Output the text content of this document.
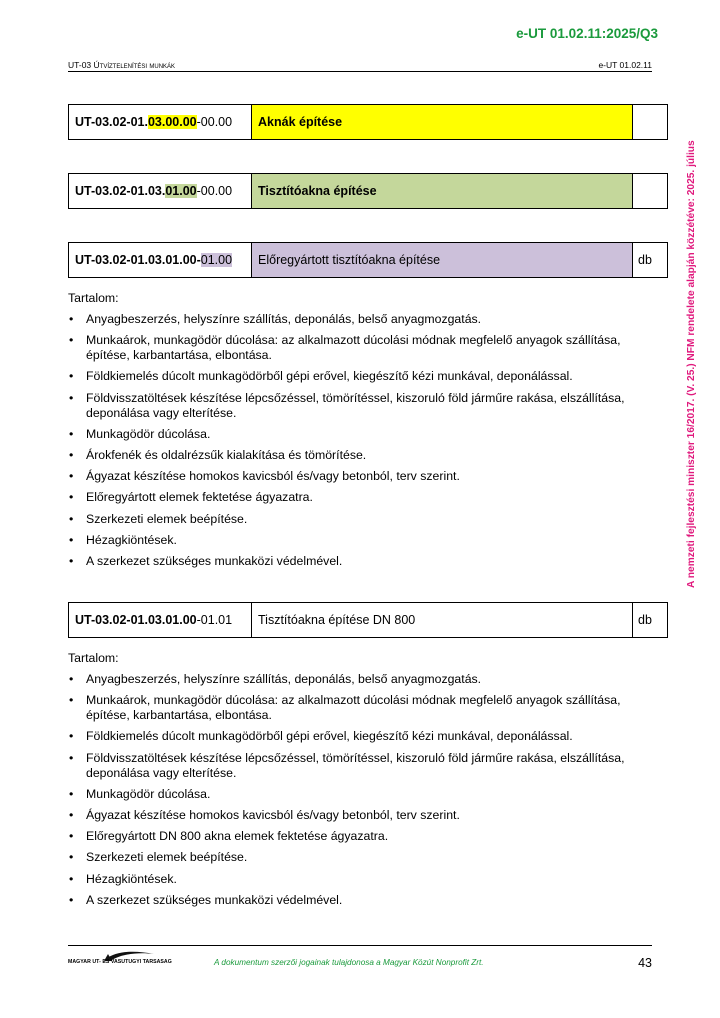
e-UT 01.02.11:2025/Q3
UT-03 Útvíztelenítési munkák	e-UT 01.02.11
A nemzeti fejlesztési miniszter 16/2017. (V. 25.) NFM rendelete alapján közzétéve: 2025. július
UT-03.02-01.03.00.00-00.00	Aknák építése	
UT-03.02-01.03.01.00-00.00	Tisztítóakna építése	
UT-03.02-01.03.01.00-01.00	Előregyártott tisztítóakna építése	db
Tartalom:
• Anyagbeszerzés, helyszínre szállítás, deponálás, belső anyagmozgatás.
• Munkaárok, munkagödör dúcolása: az alkalmazott dúcolási módnak megfelelő anyagok szállítása, építése, karbantartása, elbontása.
• Földkiemelés dúcolt munkagödörből gépi erővel, kiegészítő kézi munkával, deponálással.
• Földvisszatöltések készítése lépcsőzéssel, tömörítéssel, kiszoruló föld járműre rakása, elszállítása, deponálása vagy elterítése.
• Munkagödör dúcolása.
• Árokfenék és oldalrézsűk kialakítása és tömörítése.
• Ágyazat készítése homokos kavicsból és/vagy betonból, terv szerint.
• Előregyártott elemek fektetése ágyazatra.
• Szerkezeti elemek beépítése.
• Hézagkiöntések.
• A szerkezet szükséges munkaközi védelmével.
UT-03.02-01.03.01.00-01.01	Tisztítóakna építése DN 800	db
Tartalom:
• Anyagbeszerzés, helyszínre szállítás, deponálás, belső anyagmozgatás.
• Munkaárok, munkagödör dúcolása: az alkalmazott dúcolási módnak megfelelő anyagok szállítása, építése, karbantartása, elbontása.
• Földkiemelés dúcolt munkagödörből gépi erővel, kiegészítő kézi munkával, deponálással.
• Földvisszatöltések készítése lépcsőzéssel, tömörítéssel, kiszoruló föld járműre rakása, elszállítása, deponálása vagy elterítése.
• Munkagödör dúcolása.
• Ágyazat készítése homokos kavicsból és/vagy betonból, terv szerint.
• Előregyártott DN 800 akna elemek fektetése ágyazatra.
• Szerkezeti elemek beépítése.
• Hézagkiöntések.
• A szerkezet szükséges munkaközi védelmével.
MAGYAR UT- ES VASUTUGYI TARSASAG	A dokumentum szerzői jogainak tulajdonosa a Magyar Közút Nonprofit Zrt.	43
